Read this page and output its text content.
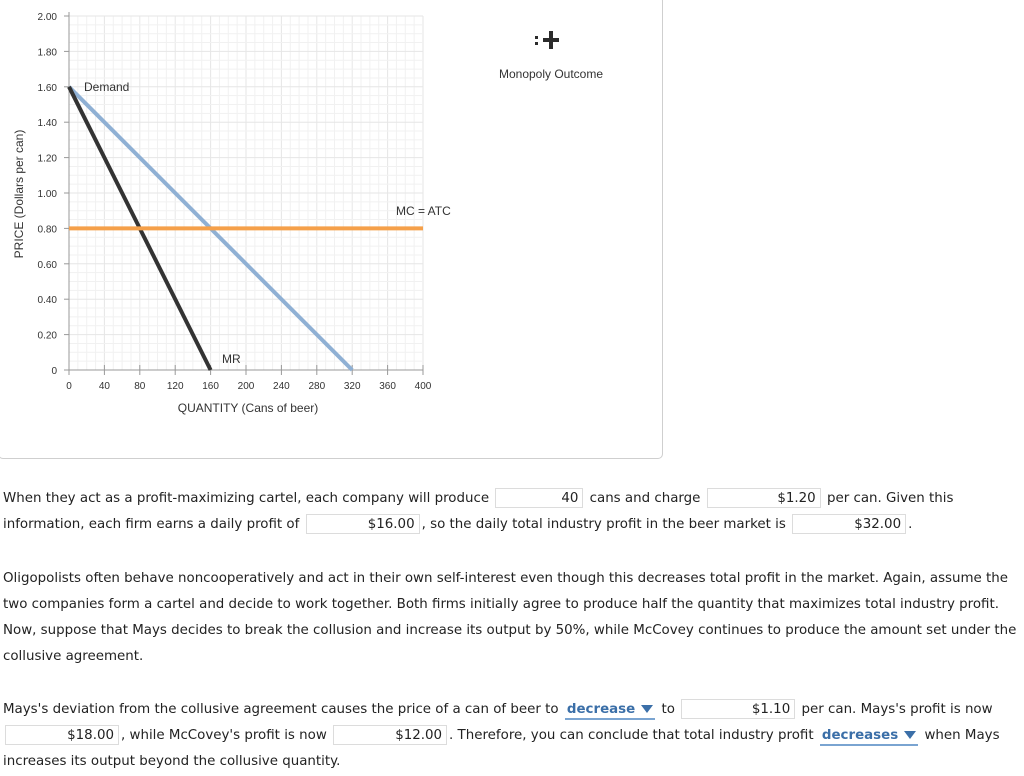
0
0.20
0.40
0.60
0.80
1.00
1.20
1.40
1.60
1.80
2.00
0	40 80 120 160 200 240 280 320 360 400
PRICE (Dollars per can)
QUANTITY (Cans of beer)
Demand
MR
MC = ATC
Monopoly Outcome

When they act as a profit-maximizing cartel, each company will produce	40 cans and charge	$1.20 per can. Given this information, each firm earns a daily profit of	$16.00 , so the daily total industry profit in the beer market is	$32.00 .

Oligopolists often behave noncooperatively and act in their own self-interest even though this decreases total profit in the market. Again, assume the two companies form a cartel and decide to work together. Both firms initially agree to produce half the quantity that maximizes total industry profit. Now, suppose that Mays decides to break the collusion and increase its output by 50%, while McCovey continues to produce the amount set under the collusive agreement.

Mays's deviation from the collusive agreement causes the price of a can of beer to decrease to	$1.10 per can. Mays's profit is now $18.00 , while McCovey's profit is now	$12.00 . Therefore, you can conclude that total industry profit decreases when Mays increases its output beyond the collusive quantity.
